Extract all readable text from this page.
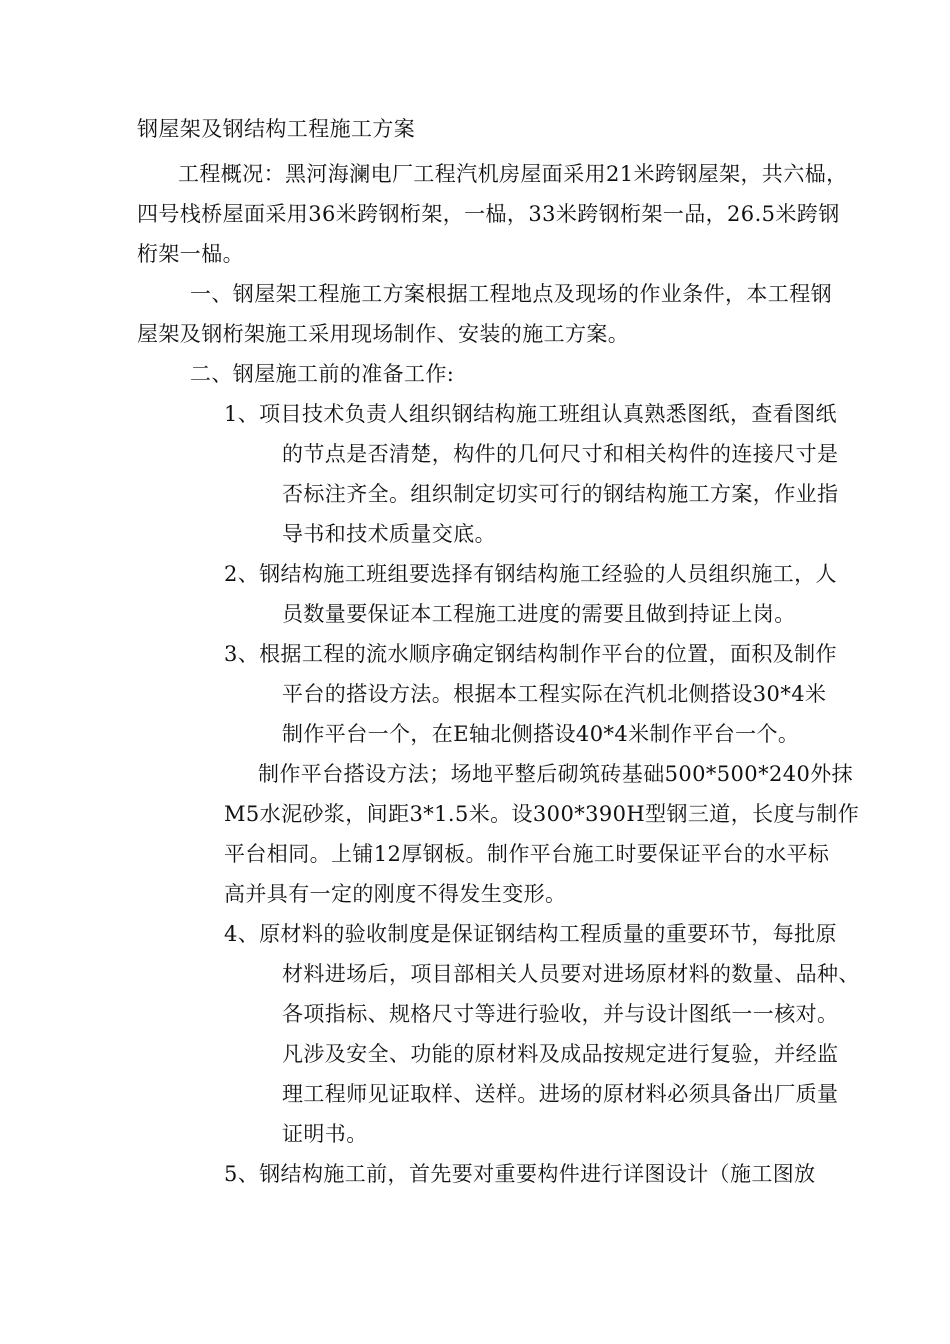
钢屋架及钢结构工程施工方案
工程概况：黑河海澜电厂工程汽机房屋面采用21米跨钢屋架，共六榀，
四号栈桥屋面采用36米跨钢桁架，一榀，33米跨钢桁架一品，26.5米跨钢
桁架一榀。
一、钢屋架工程施工方案根据工程地点及现场的作业条件，本工程钢
屋架及钢桁架施工采用现场制作、安装的施工方案。
二、钢屋施工前的准备工作:
1、项目技术负责人组织钢结构施工班组认真熟悉图纸，查看图纸
的节点是否清楚，构件的几何尺寸和相关构件的连接尺寸是
否标注齐全。组织制定切实可行的钢结构施工方案，作业指
导书和技术质量交底。
2、钢结构施工班组要选择有钢结构施工经验的人员组织施工，人
员数量要保证本工程施工进度的需要且做到持证上岗。
3、根据工程的流水顺序确定钢结构制作平台的位置，面积及制作
平台的搭设方法。根据本工程实际在汽机北侧搭设30*4米
制作平台一个，在E轴北侧搭设40*4米制作平台一个。
制作平台搭设方法；场地平整后砌筑砖基础500*500*240外抹
M5水泥砂浆，间距3*1.5米。设300*390H型钢三道，长度与制作
平台相同。上铺12厚钢板。制作平台施工时要保证平台的水平标
高并具有一定的刚度不得发生变形。
4、原材料的验收制度是保证钢结构工程质量的重要环节，每批原
材料进场后，项目部相关人员要对进场原材料的数量、品种、
各项指标、规格尺寸等进行验收，并与设计图纸一一核对。
凡涉及安全、功能的原材料及成品按规定进行复验，并经监
理工程师见证取样、送样。进场的原材料必须具备出厂质量
证明书。
5、钢结构施工前，首先要对重要构件进行详图设计（施工图放
